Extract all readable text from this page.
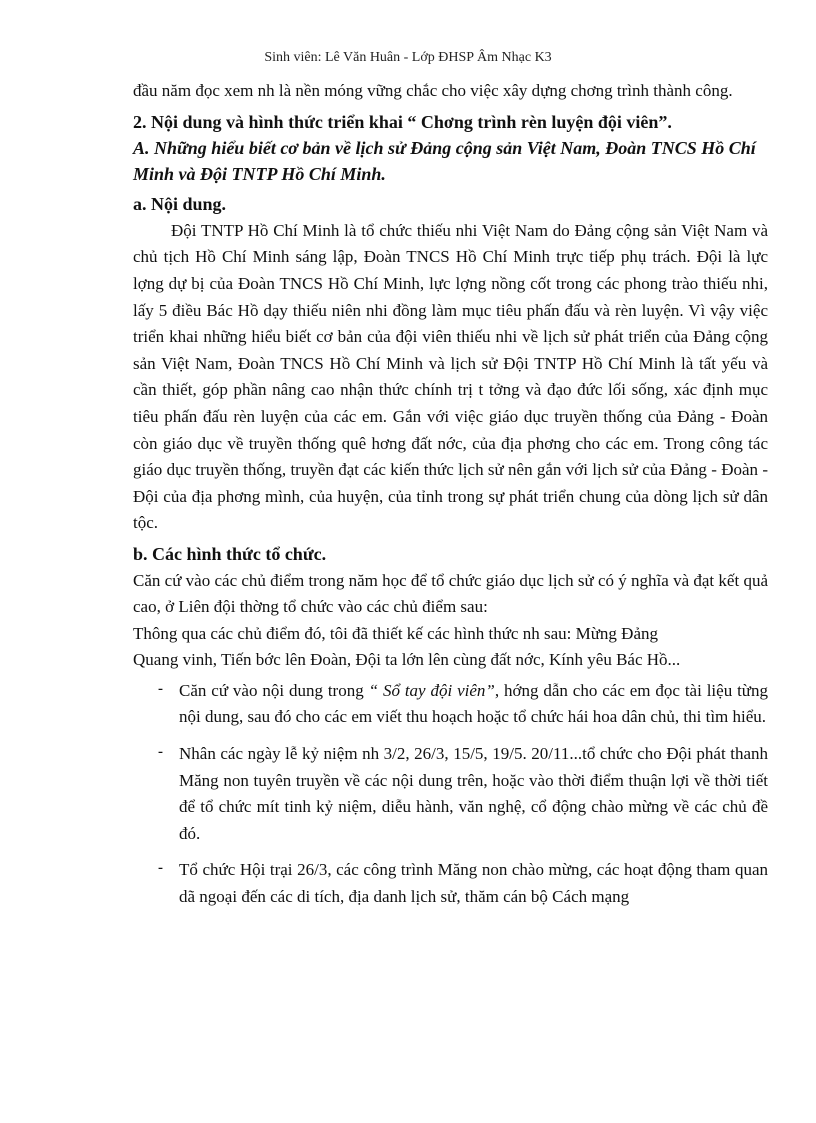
Sinh viên: Lê Văn Huân - Lớp ĐHSP Âm Nhạc K3

đầu năm đọc xem nh là nền móng vững chắc cho việc xây dựng chơng trình thành công.

2. Nội dung và hình thức triển khai “ Chơng trình rèn luyện đội viên”.

A. Những hiểu biết cơ bản về lịch sử Đảng cộng sản Việt Nam, Đoàn TNCS Hồ Chí Minh và Đội TNTP Hồ Chí Minh.

a. Nội dung.

Đội TNTP Hồ Chí Minh là tổ chức thiếu nhi Việt Nam do Đảng cộng sản Việt Nam và chủ tịch Hồ Chí Minh sáng lập, Đoàn TNCS Hồ Chí Minh trực tiếp phụ trách. Đội là lực lợng dự bị của Đoàn TNCS Hồ Chí Minh, lực lợng nồng cốt trong các phong trào thiếu nhi, lấy 5 điều Bác Hồ dạy thiếu niên nhi đồng làm mục tiêu phấn đấu và rèn luyện. Vì vậy việc triển khai những hiểu biết cơ bản của đội viên thiếu nhi về lịch sử phát triển của Đảng cộng sản Việt Nam, Đoàn TNCS Hồ Chí Minh và lịch sử Đội TNTP Hồ Chí Minh là tất yếu và cần thiết, góp phần nâng cao nhận thức chính trị t tởng và đạo đức lối sống, xác định mục tiêu phấn đấu rèn luyện của các em. Gắn với việc giáo dục truyền thống của Đảng - Đoàn còn giáo dục về truyền thống quê hơng đất nớc, của địa phơng cho các em. Trong công tác giáo dục truyền thống, truyền đạt các kiến thức lịch sử nên gắn với lịch sử của Đảng - Đoàn - Đội của địa phơng mình, của huyện, của tỉnh trong sự phát triển chung của dòng lịch sử dân tộc.

b. Các hình thức tổ chức.

Căn cứ vào các chủ điểm trong năm học để tổ chức giáo dục lịch sử có ý nghĩa và đạt kết quả cao, ở Liên đội thờng tổ chức vào các chủ điểm sau:

Thông qua các chủ điểm đó, tôi đã thiết kế các hình thức nh sau: Mừng Đảng

Quang vinh, Tiến bớc lên Đoàn, Đội ta lớn lên cùng đất nớc, Kính yêu Bác Hồ...

- Căn cứ vào nội dung trong “ Sổ tay đội viên”, hớng dẫn cho các em đọc tài liệu từng nội dung, sau đó cho các em viết thu hoạch hoặc tổ chức hái hoa dân chủ, thi tìm hiểu.
- Nhân các ngày lễ kỷ niệm nh 3/2, 26/3, 15/5, 19/5. 20/11...tổ chức cho Đội phát thanh Măng non tuyên truyền về các nội dung trên, hoặc vào thời điểm thuận lợi về thời tiết để tổ chức mít tinh kỷ niệm, diễu hành, văn nghệ, cổ động chào mừng về các chủ đề đó.
- Tổ chức Hội trại 26/3, các công trình Măng non chào mừng, các hoạt động tham quan dã ngoại đến các di tích, địa danh lịch sử, thăm cán bộ Cách mạng
